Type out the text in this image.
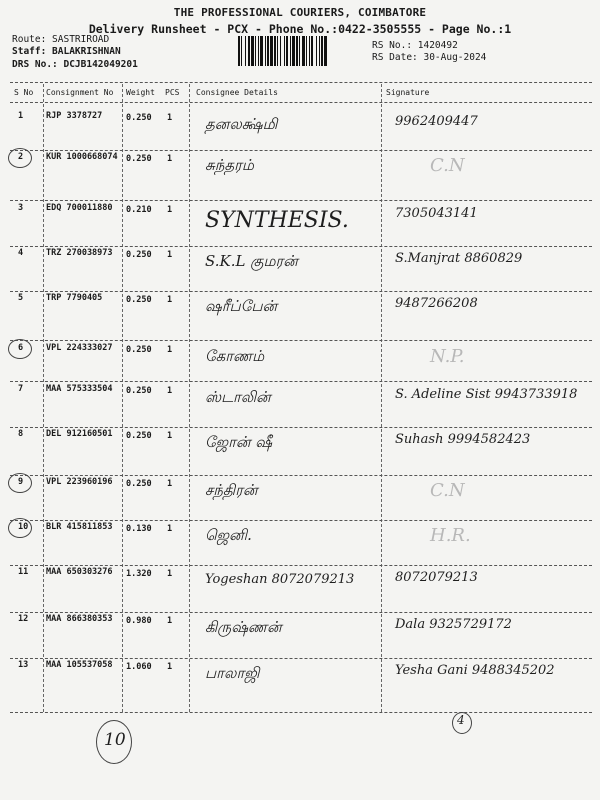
THE PROFESSIONAL COURIERS, COIMBATORE
Delivery Runsheet - PCX - Phone No.:0422-3505555 - Page No.:1
Route: SASTRIROAD
Staff: BALAKRISHNAN
DRS No.: DCJB142049201
RS No.: 1420492
RS Date: 30-Aug-2024
S No Consignment No Weight PCS Consignee Details	Signature
1	RJP 3378727	0.250 1 தனலக்ஷ்மி	9962409447
2	KUR 1000668074 0.250 1 சுந்தரம்	C.N
3	EDQ 700011880 0.210 1 SYNTHESIS.	7305043141
4	TRZ 270038973 0.250 1 S.K.L குமரன்	S.Manjrat 8860829
5	TRP 7790405	0.250 1 ஷரீப்பேன்	9487266208
6	VPL 224333027 0.250 1 கோணம்	N.P.
7	MAA 575333504 0.250 1 ஸ்டாலின்	S. Adeline Sist 9943733918
8	DEL 912160501 0.250 1 ஜோன் ஷீ	Suhash 9994582423
9	VPL 223960196 0.250 1 சந்திரன்	C.N
10 BLR 415811853 0.130 1 ஜெனி.	H.R.
11 MAA 650303276 1.320 1	Yogeshan 8072079213	8072079213
12 MAA 866380353 0.980 1 கிருஷ்ணன்	Dala 9325729172
13 MAA 105537058 1.060 1 பாலாஜி	Yesha Gani 9488345202
10
4
